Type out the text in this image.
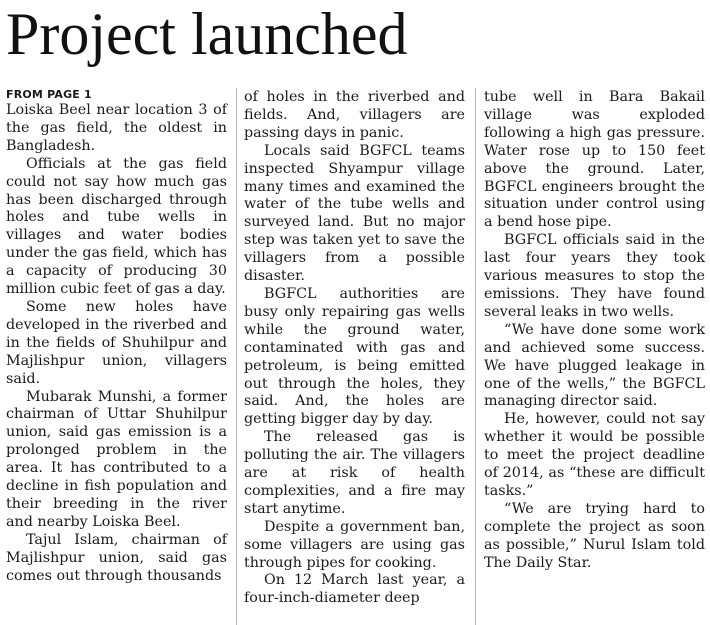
Project launched
FROM PAGE 1

Loiska Beel near location 3 of the gas field, the oldest in Bangladesh.

Officials at the gas field could not say how much gas has been discharged through holes and tube wells in villages and water bodies under the gas field, which has a capacity of producing 30 million cubic feet of gas a day.

Some new holes have developed in the riverbed and in the fields of Shuhilpur and Majlishpur union, villagers said.

Mubarak Munshi, a former chairman of Uttar Shuhilpur union, said gas emission is a prolonged problem in the area. It has contributed to a decline in fish population and their breeding in the river and nearby Loiska Beel.

Tajul Islam, chairman of Majlishpur union, said gas comes out through thousands

of holes in the riverbed and fields. And, villagers are passing days in panic.

Locals said BGFCL teams inspected Shyampur village many times and examined the water of the tube wells and surveyed land. But no major step was taken yet to save the villagers from a possible disaster.

BGFCL authorities are busy only repairing gas wells while the ground water, contaminated with gas and petroleum, is being emitted out through the holes, they said. And, the holes are getting bigger day by day.

The released gas is polluting the air. The villagers are at risk of health complexities, and a fire may start anytime.

Despite a government ban, some villagers are using gas through pipes for cooking.

On 12 March last year, a four-inch-diameter deep

tube well in Bara Bakail village was exploded following a high gas pressure. Water rose up to 150 feet above the ground. Later, BGFCL engineers brought the situation under control using a bend hose pipe.

BGFCL officials said in the last four years they took various measures to stop the emissions. They have found several leaks in two wells.

“We have done some work and achieved some success. We have plugged leakage in one of the wells,” the BGFCL managing director said.

He, however, could not say whether it would be possible to meet the project deadline of 2014, as “these are difficult tasks.”

“We are trying hard to complete the project as soon as possible,” Nurul Islam told The Daily Star.
